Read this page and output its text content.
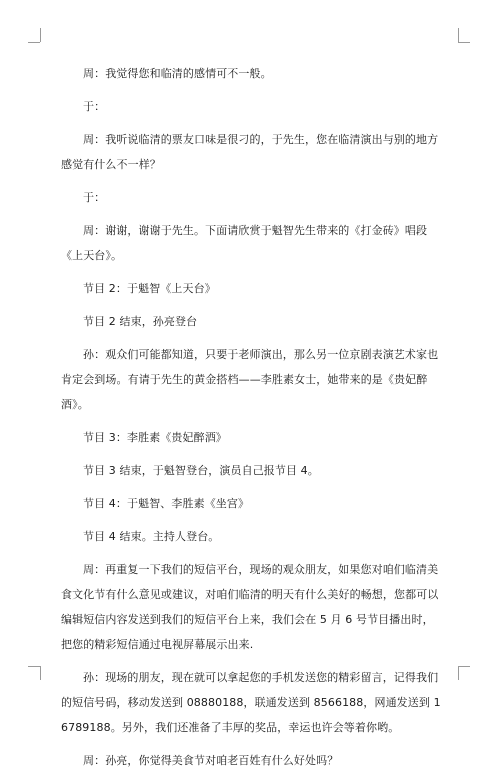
周：我觉得您和临清的感情可不一般。

于：

周：我听说临清的票友口味是很刁的，于先生，您在临清演出与别的地方感觉有什么不一样？

于：

周：谢谢，谢谢于先生。下面请欣赏于魁智先生带来的《打金砖》唱段《上天台》。

节目 2：于魁智《上天台》

节目 2 结束，孙亮登台

孙：观众们可能都知道，只要于老师演出，那么另一位京剧表演艺术家也肯定会到场。有请于先生的黄金搭档——李胜素女士，她带来的是《贵妃醉酒》。

节目 3：李胜素《贵妃醉酒》

节目 3 结束，于魁智登台，演员自己报节目 4。

节目 4：于魁智、李胜素《坐宫》

节目 4 结束。主持人登台。

周：再重复一下我们的短信平台，现场的观众朋友，如果您对咱们临清美食文化节有什么意见或建议，对咱们临清的明天有什么美好的畅想，您都可以编辑短信内容发送到我们的短信平台上来，我们会在 5 月 6 号节目播出时，把您的精彩短信通过电视屏幕展示出来.

孙：现场的朋友，现在就可以拿起您的手机发送您的精彩留言，记得我们的短信号码，移动发送到 08880188，联通发送到 8566188，网通发送到 16789188。另外，我们还准备了丰厚的奖品，幸运也许会等着你哟。

周：孙亮，你觉得美食节对咱老百姓有什么好处吗？
